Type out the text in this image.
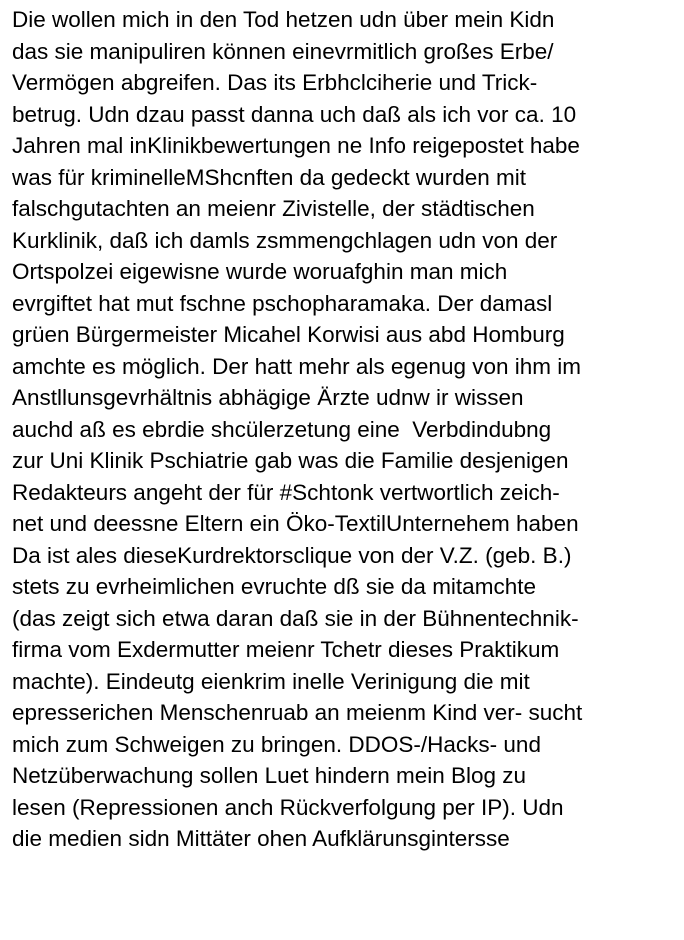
Die wollen mich in den Tod hetzen udn über mein Kidn
das sie manipuliren können einevrmitlich großes Erbe/
Vermögen abgreifen. Das its Erbhclciherie und Trick-
betrug. Udn dzau passt danna uch daß als ich vor ca. 10
Jahren mal inKlinikbewertungen ne Info reigepostet habe
was für kriminelleMShcnften da gedeckt wurden mit
falschgutachten an meienr Zivistelle, der städtischen
Kurklinik, daß ich damls zsmmengchlagen udn von der
Ortspolzei eigewisne wurde woruafghin man mich
evrgiftet hat mut fschne pschopharamaka. Der damasl
grüen Bürgermeister Micahel Korwisi aus abd Homburg
amchte es möglich. Der hatt mehr als egenug von ihm im
Anstllunsgevrhältnis abhägige Ärzte udnw ir wissen
auchd aß es ebrdie shcülerzetung eine  Verbdindubng
zur Uni Klinik Pschiatrie gab was die Familie desjenigen
Redakteurs angeht der für #Schtonk vertwortlich zeich-
net und deessne Eltern ein Öko-TextilUnternehem haben
Da ist ales dieseKurdrektorsclique von der V.Z. (geb. B.)
stets zu evrheimlichen evruchte dß sie da mitamchte
(das zeigt sich etwa daran daß sie in der Bühnentechnik-
firma vom Exdermutter meienr Tchetr dieses Praktikum
machte). Eindeutg eienkrim inelle Verinigung die mit
epresserichen Menschenruab an meienm Kind ver- sucht
mich zum Schweigen zu bringen. DDOS-/Hacks- und
Netzüberwachung sollen Luet hindern mein Blog zu
lesen (Repressionen anch Rückverfolgung per IP). Udn
die medien sidn Mittäter ohen Aufklärunsgintersse
